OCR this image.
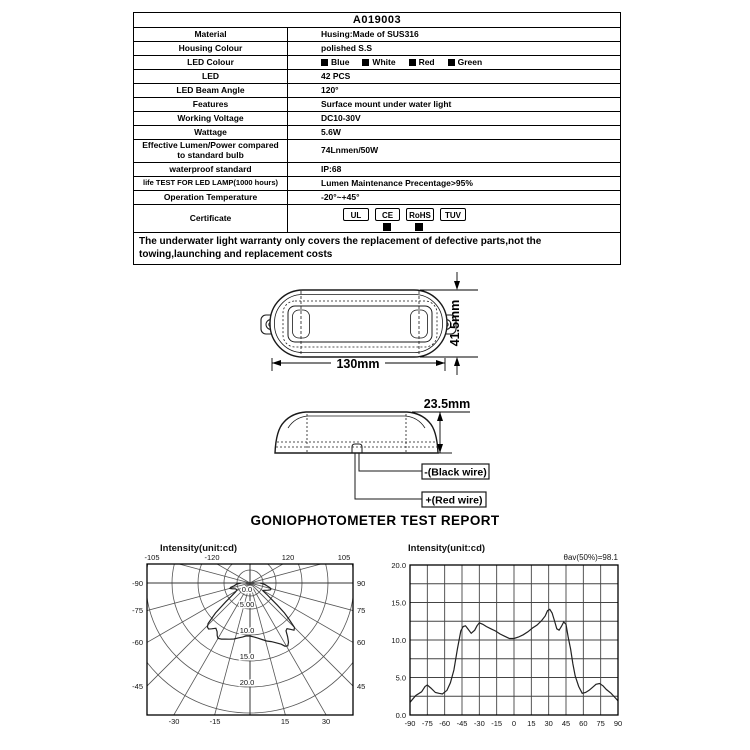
A019003
Material	Husing:Made of SUS316
Housing Colour	polished S.S
LED Colour	Blue	White	Red	Green
LED	42 PCS
LED Beam Angle	120°
Features	Surface mount under water light
Working Voltage	DC10-30V
Wattage	5.6W
Effective Lumen/Power compared to standard bulb	74Lnmen/50W
waterproof standard	IP:68
life TEST FOR LED LAMP(1000 hours)	Lumen Maintenance Precentage>95%
Operation Temperature	-20°~+45°
Certificate	UL	CE	RoHS	TUV
The underwater light warranty only covers the replacement of defective parts,not the towing,launching and replacement costs
130mm
41.5mm
23.5mm
-(Black wire)
+(Red wire)
GONIOPHOTOMETER TEST REPORT
0.0
5.00
10.0
15.0
20.0
-105	-120	120	105
-90
-75
-60
-45
90
75
60
45
-30	-15	15	30
Intensity(unit:cd)
0.0
5.0
10.0
15.0
20.0
-90 -75 -60 -45 -30 -15 0 15 30 45 60 75 90
Intensity(unit:cd)
θav(50%)=98.1
